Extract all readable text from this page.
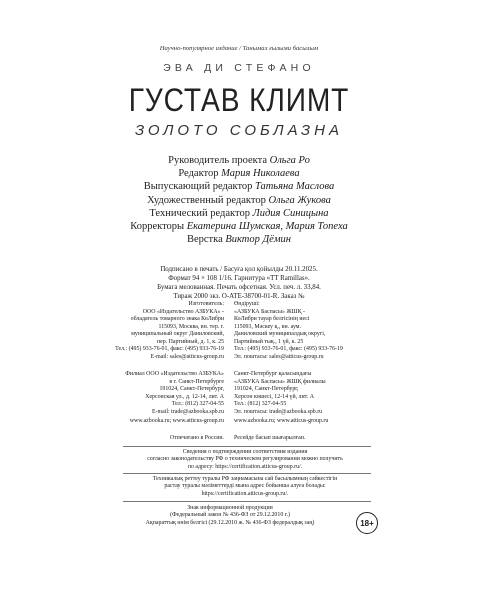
Научно-популярное издание / Танымал ғылыми басылым
ЭВА ДИ СТЕФАНО
ГУСТАВ КЛИМТ
ЗОЛОТО СОБЛАЗНА
Руководитель проекта Ольга Ро
Редактор Мария Николаева
Выпускающий редактор Татьяна Маслова
Художественный редактор Ольга Жукова
Технический редактор Лидия Синицына
Корректоры Екатерина Шумская, Мария Топеха
Верстка Виктор Дёмин
Подписано в печать / Басуға қол қойылды 20.11.2025.
Формат 94 × 108 1/16. Гарнитура «TT Ramillas».
Бумага мелованная. Печать офсетная. Усл. печ. л. 33,84.
Тираж 2000 экз. O-ATE-38700-01-R. Заказ №
Изготовитель:
ООО «Издательство АЗБУКА» -
обладатель товарного знака КоЛибри
115093, Москва, вн. тер. г.
муниципальный округ Даниловский,
пер. Партийный, д. 1, к. 25
Тел.: (495) 933-76-01, факс: (495) 933-76-19
E-mail: sales@atticus-group.ru
Өндіруші:
«АЗБУКА Баспасы» ЖШҚ -
КоЛибри тауар белгісінің иесі
115093, Мәскеу қ., вн. аум.
Даниловский муниципалдық округі,
Партийный тық., 1 үй, к. 25
Тел.: (495) 933-76-01, факс: (495) 933-76-19
Эл. поштасы: sales@atticus-group.ru
Филиал ООО «Издательство АЗБУКА»
в г. Санкт-Петербурге
191024, Санкт-Петербург,
Херсонская ул., д. 12-14, лит. А
Тел.: (812) 327-04-55
E-mail: trade@azbooka.spb.ru
Санкт-Петербург қаласындағы
«АЗБУКА Баспасы» ЖШҚ филиалы
191024, Санкт-Петербург,
Херсон көшесі, 12-14 үй, лит. А
Тел.: (812) 327-04-55
Эл. поштасы: trade@azbooka.spb.ru
www.azbooka.ru; www.atticus-group.ru www.azbooka.ru; www.atticus-group.ru
Отпечатано в России. Ресейде басып шығарылған.
Сведения о подтверждении соответствия издания
согласно законодательству РФ о техническом регулировании можно получить
по адресу: https://certification.atticus-group.ru/.
Техникалық реттеу туралы РФ заңнамасына сай басылымның сәйкестігін
растау туралы мәліметтерді мына адрес бойынша алуға болады:
https://certification.atticus-group.ru/.
Знак информационной продукции
(Федеральный закон № 436-ФЗ от 29.12.2010 г.)
Ақпараттық өнім белгісі (29.12.2010 ж. № 436-ФЗ федералдық заң)	18+
